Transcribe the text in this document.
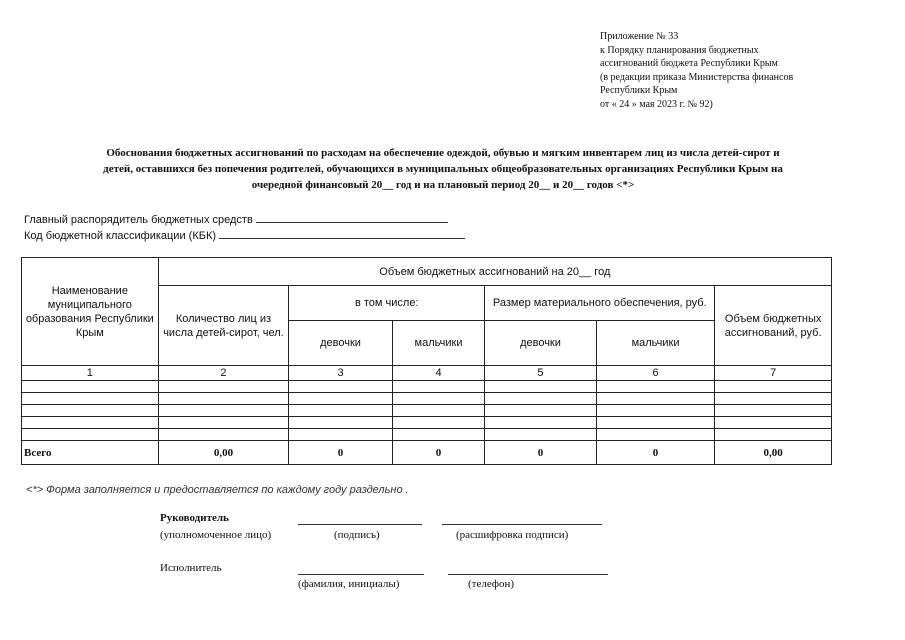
Приложение № 33
к Порядку планирования бюджетных
ассигнований бюджета Республики Крым
(в редакции приказа Министерства финансов
Республики Крым
от « 24 » мая 2023 г. № 92)
Обоснования бюджетных ассигнований по расходам на обеспечение одеждой, обувью и мягким инвентарем лиц из числа детей-сирот и
детей, оставшихся без попечения родителей, обучающихся в муниципальных общеобразовательных организациях Республики Крым на
очередной финансовый 20__ год и на плановый период 20__ и 20__ годов <*>
Главный распорядитель бюджетных средств
Код бюджетной классификации (КБК)
Наименование муниципального образования Республики Крым	Объем бюджетных ассигнований на 20__ год					
	Количество лиц из числа детей-сирот, чел.	в том числе:		Размер материального обеспечения, руб.		Объем бюджетных ассигнований, руб.
		девочки	мальчики	девочки	мальчики	
1	2	3	4	5	6	7

Всего	0,00	0	0	0	0	0,00
<*> Форма заполняется и предоставляется по каждому году раздельно .
Руководитель
(уполномоченное лицо)	(подпись)	(расшифровка подписи)
Исполнитель
(фамилия, инициалы)	(телефон)
